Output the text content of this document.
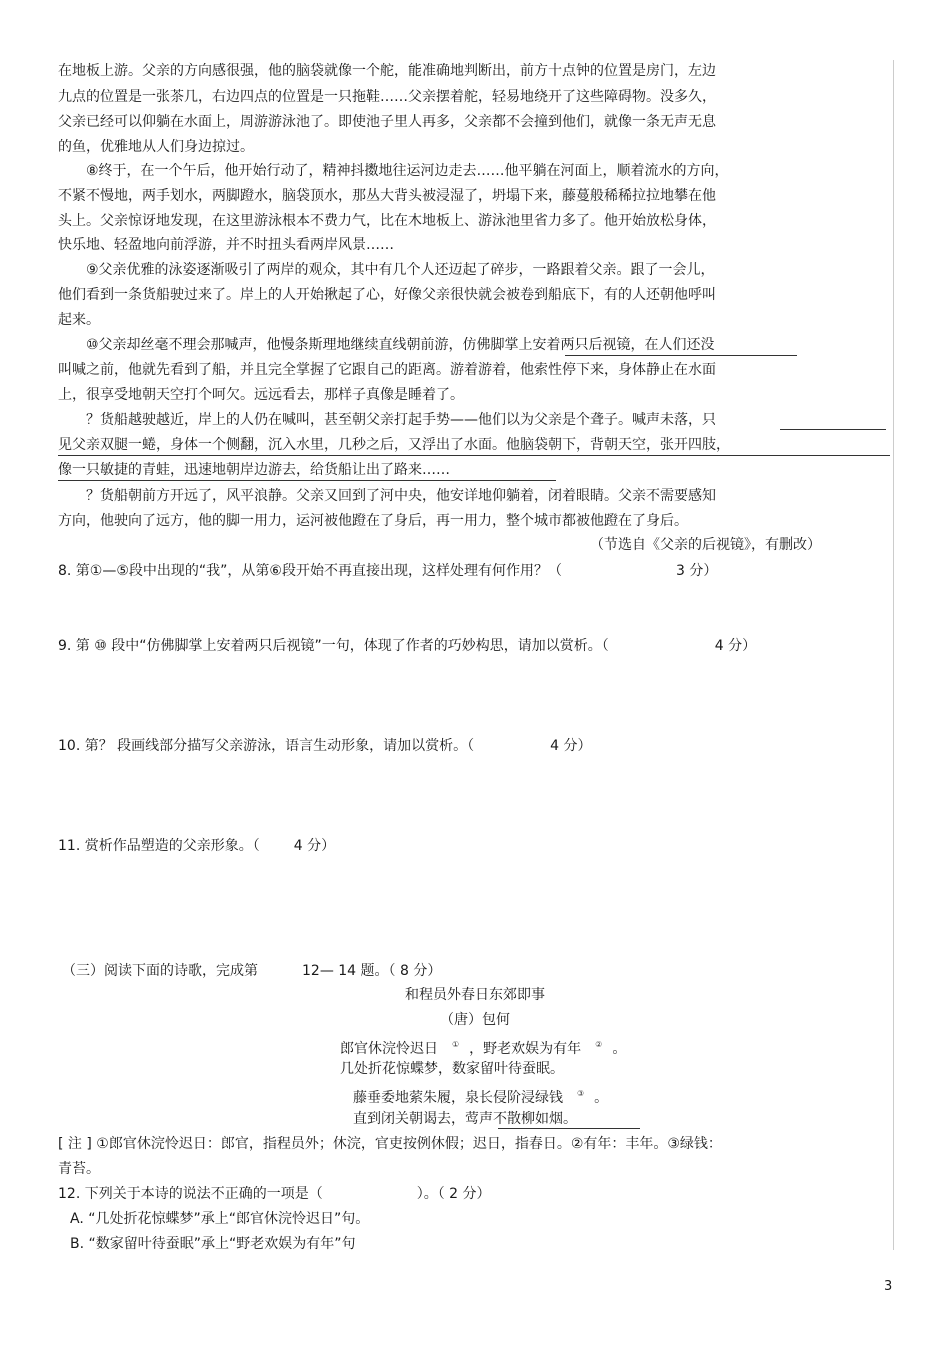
在地板上游。父亲的方向感很强，他的脑袋就像一个舵，能准确地判断出，前方十点钟的位置是房门，左边

九点的位置是一张茶几，右边四点的位置是一只拖鞋……父亲摆着舵，轻易地绕开了这些障碍物。没多久，

父亲已经可以仰躺在水面上，周游游泳池了。即使池子里人再多，父亲都不会撞到他们，就像一条无声无息

的鱼，优雅地从人们身边掠过。

⑧终于，在一个午后，他开始行动了，精神抖擞地往运河边走去……他平躺在河面上，顺着流水的方向，

不紧不慢地，两手划水，两脚蹬水，脑袋顶水，那丛大背头被浸湿了，坍塌下来，藤蔓般稀稀拉拉地攀在他

头上。父亲惊讶地发现，在这里游泳根本不费力气，比在木地板上、游泳池里省力多了。他开始放松身体，

快乐地、轻盈地向前浮游，并不时扭头看两岸风景……

⑨父亲优雅的泳姿逐渐吸引了两岸的观众，其中有几个人还迈起了碎步，一路跟着父亲。跟了一会儿，

他们看到一条货船驶过来了。岸上的人开始揪起了心，好像父亲很快就会被卷到船底下，有的人还朝他呼叫

起来。

⑩父亲却丝毫不理会那喊声，他慢条斯理地继续直线朝前游，仿佛脚掌上安着两只后视镜，在人们还没

叫喊之前，他就先看到了船，并且完全掌握了它跟自己的距离。游着游着，他索性停下来，身体静止在水面

上，很享受地朝天空打个呵欠。远远看去，那样子真像是睡着了。

？货船越驶越近，岸上的人仍在喊叫，甚至朝父亲打起手势——他们以为父亲是个聋子。喊声未落，只

见父亲双腿一蜷，身体一个侧翻，沉入水里，几秒之后，又浮出了水面。他脑袋朝下，背朝天空，张开四肢，

像一只敏捷的青蛙，迅速地朝岸边游去，给货船让出了路来……

？货船朝前方开远了，风平浪静。父亲又回到了河中央，他安详地仰躺着，闭着眼睛。父亲不需要感知

方向，他驶向了远方，他的脚一用力，运河被他蹬在了身后，再一用力，整个城市都被他蹬在了身后。

（节选自《父亲的后视镜》，有删改）

8. 第①—⑤段中出现的“我”，从第⑥段开始不再直接出现，这样处理有何作用？（	3 分）

9. 第 ⑩ 段中“仿佛脚掌上安着两只后视镜”一句，体现了作者的巧妙构思，请加以赏析。（	4 分）

10. 第？ 段画线部分描写父亲游泳，语言生动形象，请加以赏析。（	4 分）

11. 赏析作品塑造的父亲形象。（ 4 分）

（三）阅读下面的诗歌，完成第	12— 14 题。（ 8 分）

和程员外春日东郊即事
（唐）包何

郎官休浣怜迟日 ① ，野老欢娱为有年 ② 。

几处折花惊蝶梦，数家留叶待蚕眠。

藤垂委地萦朱履，泉长侵阶浸绿钱 ③ 。

直到闭关朝谒去，莺声不散柳如烟。

[ 注 ] ①郎官休浣怜迟日：郎官，指程员外；休浣，官吏按例休假；迟日，指春日。②有年：丰年。③绿钱：

青苔。

12. 下列关于本诗的说法不正确的一项是（	）。（ 2 分）

A. “几处折花惊蝶梦”承上“郎官休浣怜迟日”句。

B. “数家留叶待蚕眠”承上“野老欢娱为有年”句

3
